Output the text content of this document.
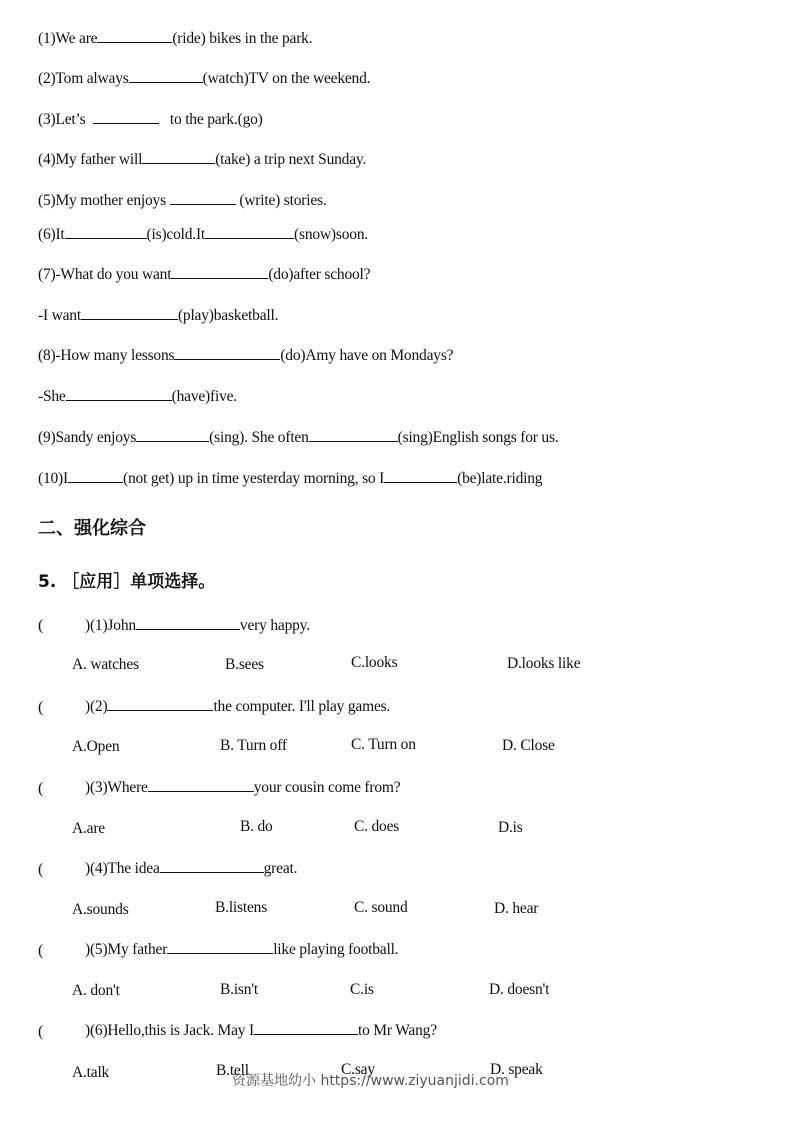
(1)We are	(ride) bikes in the park.
(2)Tom always	(watch)TV on the weekend.
(3)Let’s	to the park.(go)
(4)My father will	(take) a trip next Sunday.
(5)My mother enjoys	(write) stories.
(6)It	(is)cold.It	(snow)soon.
(7)-What do you want	(do)after school?
-I want	(play)basketball.
(8)-How many lessons	(do)Amy have on Mondays?
-She	(have)five.
(9)Sandy enjoys	(sing). She often	(sing)English songs for us.
(10)I	(not get) up in time yesterday morning, so I	(be)late.riding
二、强化综合
5. ［应用］单项选择。
(	)(1)John	very happy.
A. watches	B.sees	C.looks	D.looks like
(	)(2)	the computer. I'll play games.
A.Open	B. Turn off	C. Turn on	D. Close
(	)(3)Where	your cousin come from?
A.are	B. do	C. does	D.is
(	)(4)The idea	great.
A.sounds	B.listens	C. sound	D. hear
(	)(5)My father	like playing football.
A. don't	B.isn't	C.is	D. doesn't
(	)(6)Hello,this is Jack. May I	to Mr Wang?
A.talk	B.tell	C.say	D. speak
资源基地幼小 https://www.ziyuanjidi.com
